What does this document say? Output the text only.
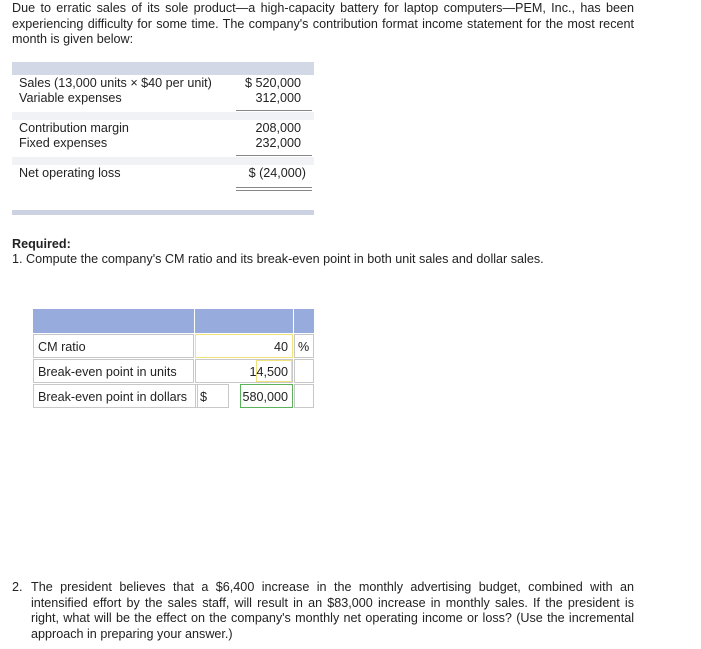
Due to erratic sales of its sole product—a high-capacity battery for laptop computers—PEM, Inc., has been experiencing difficulty for some time. The company's contribution format income statement for the most recent month is given below:
Sales (13,000 units × $40 per unit)	$ 520,000
Variable expenses	312,000
Contribution margin	208,000
Fixed expenses	232,000
Net operating loss	$ (24,000)
Required:
1. Compute the company's CM ratio and its break-even point in both unit sales and dollar sales.
CM ratio	40 %
Break-even point in units	14,500
Break-even point in dollars	$	580,000
2. The president believes that a $6,400 increase in the monthly advertising budget, combined with an intensified effort by the sales staff, will result in an $83,000 increase in monthly sales. If the president is right, what will be the effect on the company's monthly net operating income or loss? (Use the incremental approach in preparing your answer.)
